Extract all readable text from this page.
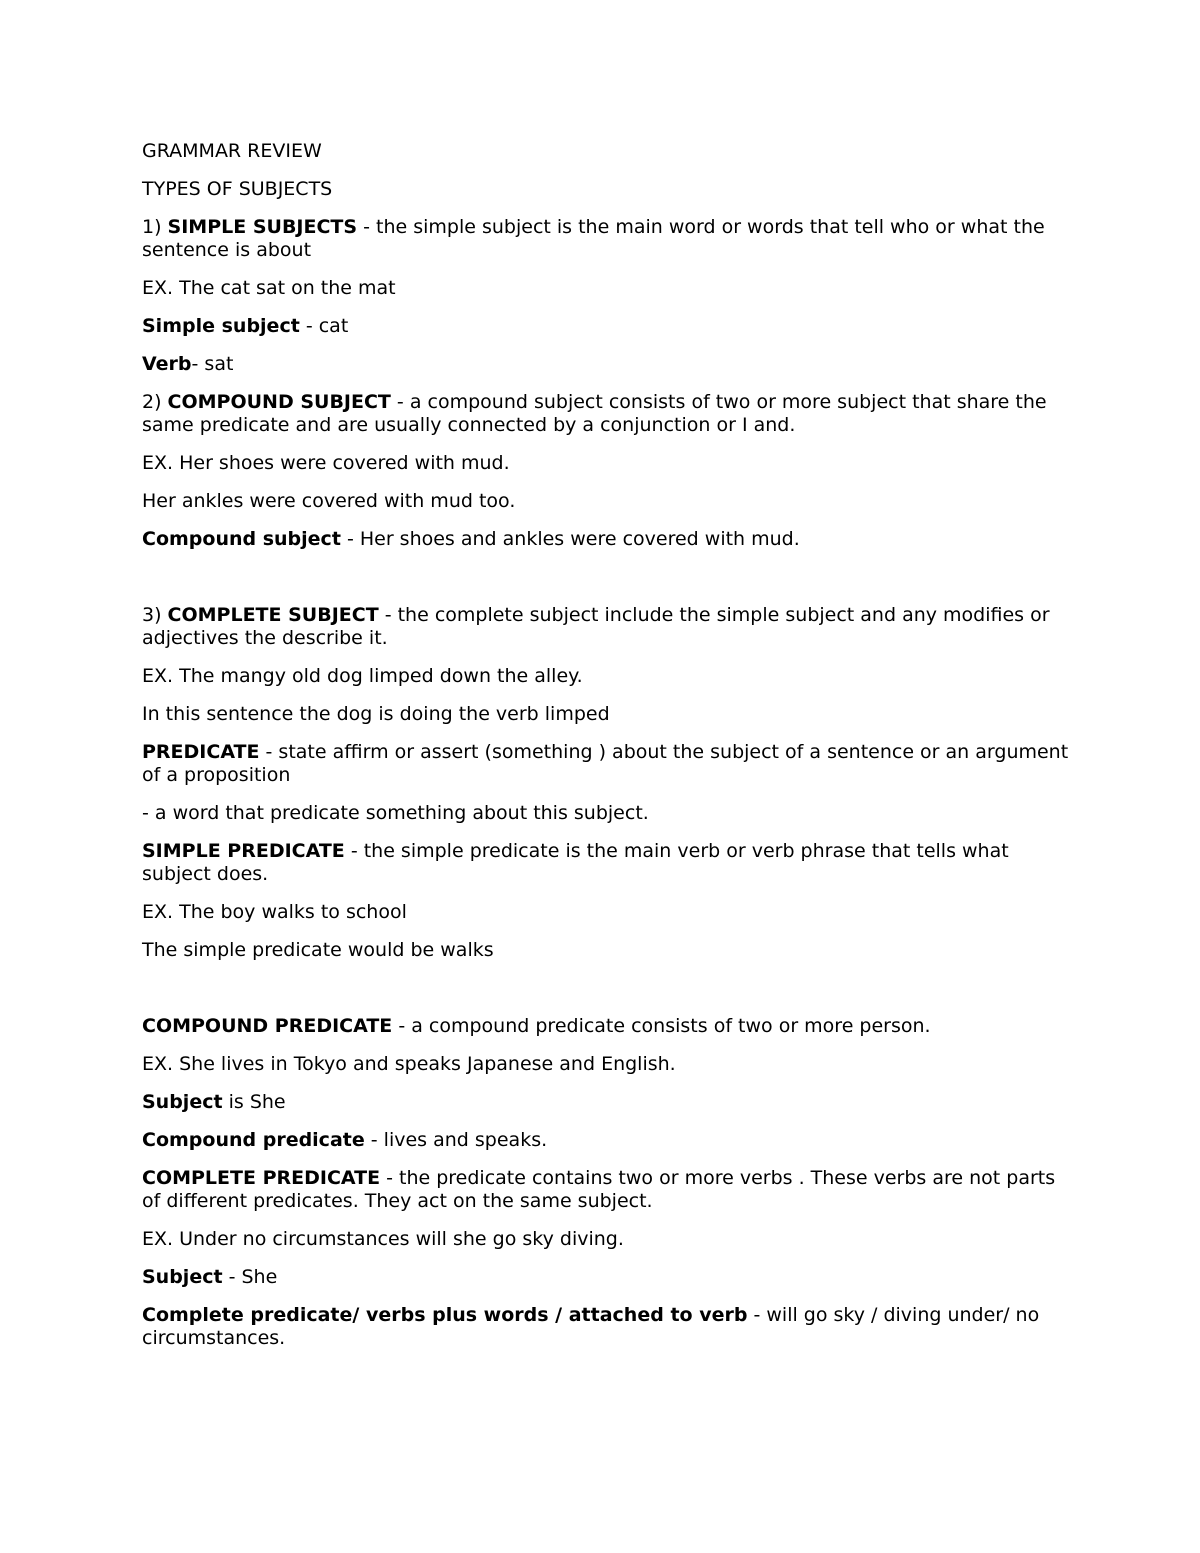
GRAMMAR REVIEW
TYPES OF SUBJECTS
1) SIMPLE SUBJECTS - the simple subject is the main word or words that tell who or what the sentence is about
EX. The cat sat on the mat
Simple subject - cat
Verb- sat
2) COMPOUND SUBJECT - a compound subject consists of two or more subject that share the same predicate and are usually connected by a conjunction or I and.
EX. Her shoes were covered with mud.
Her ankles were covered with mud too.
Compound subject - Her shoes and ankles were covered with mud.
3) COMPLETE SUBJECT - the complete subject include the simple subject and any modifies or adjectives the describe it.
EX. The mangy old dog limped down the alley.
In this sentence the dog is doing the verb limped
PREDICATE - state affirm or assert (something ) about the subject of a sentence or an argument of a proposition
- a word that predicate something about this subject.
SIMPLE PREDICATE - the simple predicate is the main verb or verb phrase that tells what subject does.
EX. The boy walks to school
The simple predicate would be walks
COMPOUND PREDICATE - a compound predicate consists of two or more person.
EX. She lives in Tokyo and speaks Japanese and English.
Subject is She
Compound predicate - lives and speaks.
COMPLETE PREDICATE - the predicate contains two or more verbs . These verbs are not parts of different predicates. They act on the same subject.
EX. Under no circumstances will she go sky diving.
Subject - She
Complete predicate/ verbs plus words / attached to verb - will go sky / diving under/ no circumstances.
